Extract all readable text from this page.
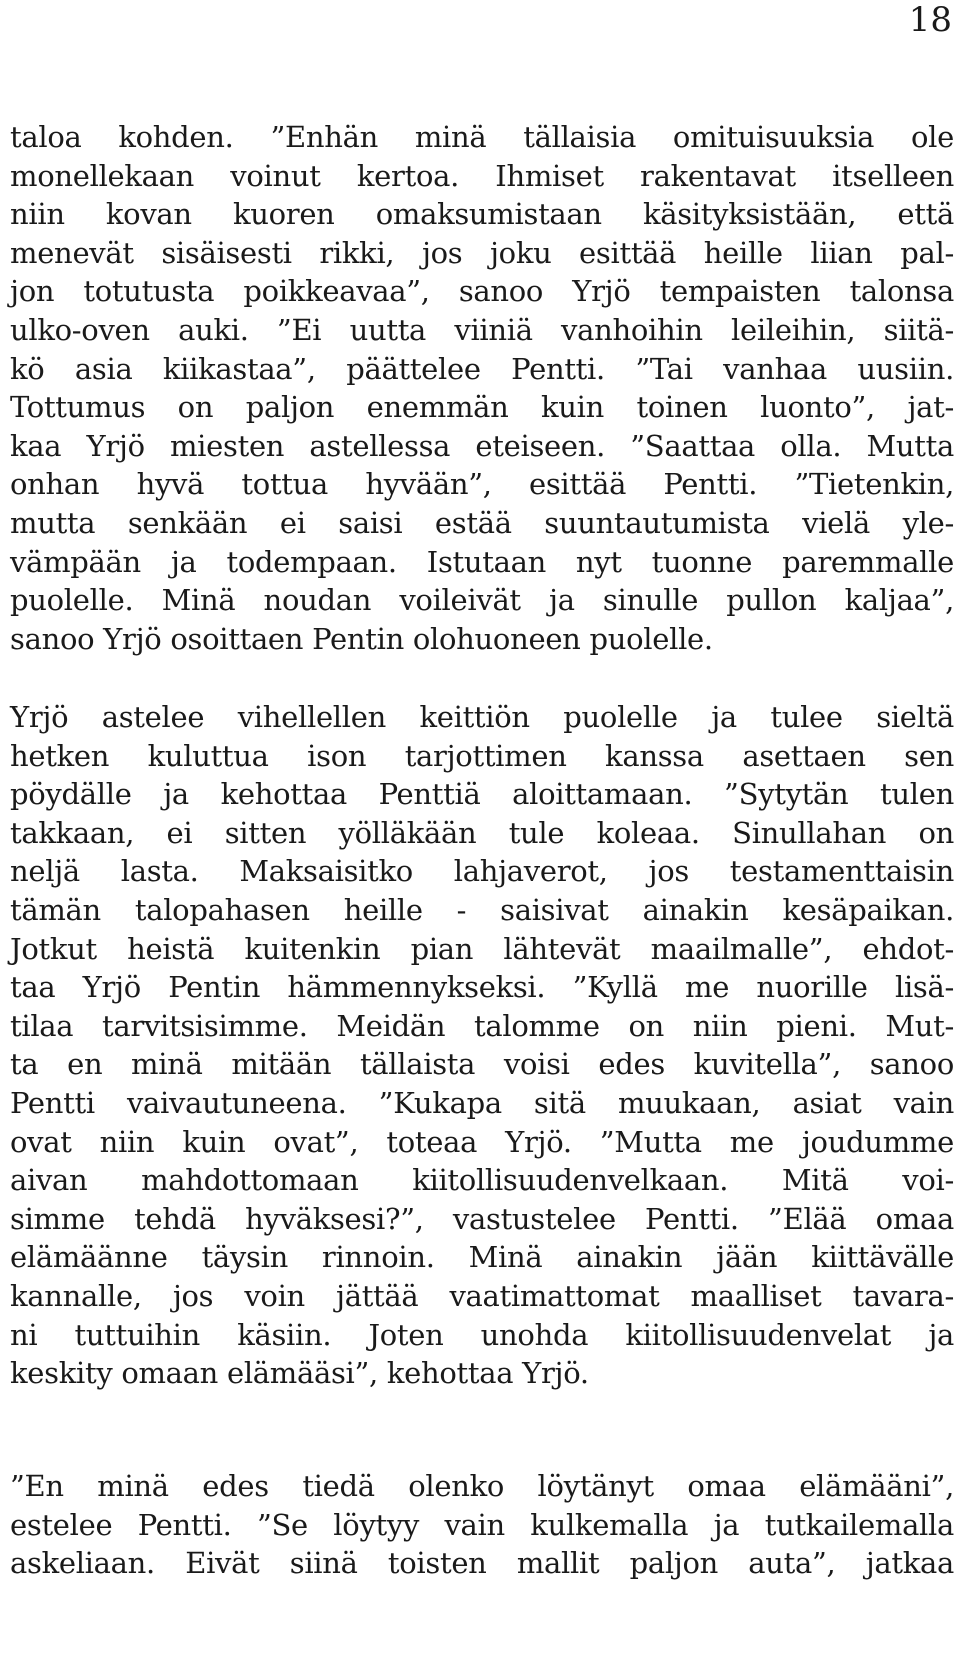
18
taloa kohden. ”Enhän minä tällaisia omituisuuksia ole
monellekaan voinut kertoa. Ihmiset rakentavat itselleen
niin kovan kuoren omaksumistaan käsityksistään, että
menevät sisäisesti rikki, jos joku esittää heille liian pal-
jon totutusta poikkeavaa”, sanoo Yrjö tempaisten talonsa
ulko-oven auki. ”Ei uutta viiniä vanhoihin leileihin, siitä-
kö asia kiikastaa”, päättelee Pentti. ”Tai vanhaa uusiin.
Tottumus on paljon enemmän kuin toinen luonto”, jat-
kaa Yrjö miesten astellessa eteiseen. ”Saattaa olla. Mutta
onhan hyvä tottua hyvään”, esittää Pentti. ”Tietenkin,
mutta senkään ei saisi estää suuntautumista vielä yle-
vämpään ja todempaan. Istutaan nyt tuonne paremmalle
puolelle. Minä noudan voileivät ja sinulle pullon kaljaa”,
sanoo Yrjö osoittaen Pentin olohuoneen puolelle.
Yrjö astelee vihellellen keittiön puolelle ja tulee sieltä
hetken kuluttua ison tarjottimen kanssa asettaen sen
pöydälle ja kehottaa Penttiä aloittamaan. ”Sytytän tulen
takkaan, ei sitten yölläkään tule koleaa. Sinullahan on
neljä lasta. Maksaisitko lahjaverot, jos testamenttaisin
tämän talopahasen heille - saisivat ainakin kesäpaikan.
Jotkut heistä kuitenkin pian lähtevät maailmalle”, ehdot-
taa Yrjö Pentin hämmennykseksi. ”Kyllä me nuorille lisä-
tilaa tarvitsisimme. Meidän talomme on niin pieni. Mut-
ta en minä mitään tällaista voisi edes kuvitella”, sanoo
Pentti vaivautuneena. ”Kukapa sitä muukaan, asiat vain
ovat niin kuin ovat”, toteaa Yrjö. ”Mutta me joudumme
aivan mahdottomaan kiitollisuudenvelkaan. Mitä voi-
simme tehdä hyväksesi?”, vastustelee Pentti. ”Elää omaa
elämäänne täysin rinnoin. Minä ainakin jään kiittävälle
kannalle, jos voin jättää vaatimattomat maalliset tavara-
ni tuttuihin käsiin. Joten unohda kiitollisuudenvelat ja
keskity omaan elämääsi”, kehottaa Yrjö.
”En minä edes tiedä olenko löytänyt omaa elämääni”,
estelee Pentti. ”Se löytyy vain kulkemalla ja tutkailemalla
askeliaan. Eivät siinä toisten mallit paljon auta”, jatkaa
